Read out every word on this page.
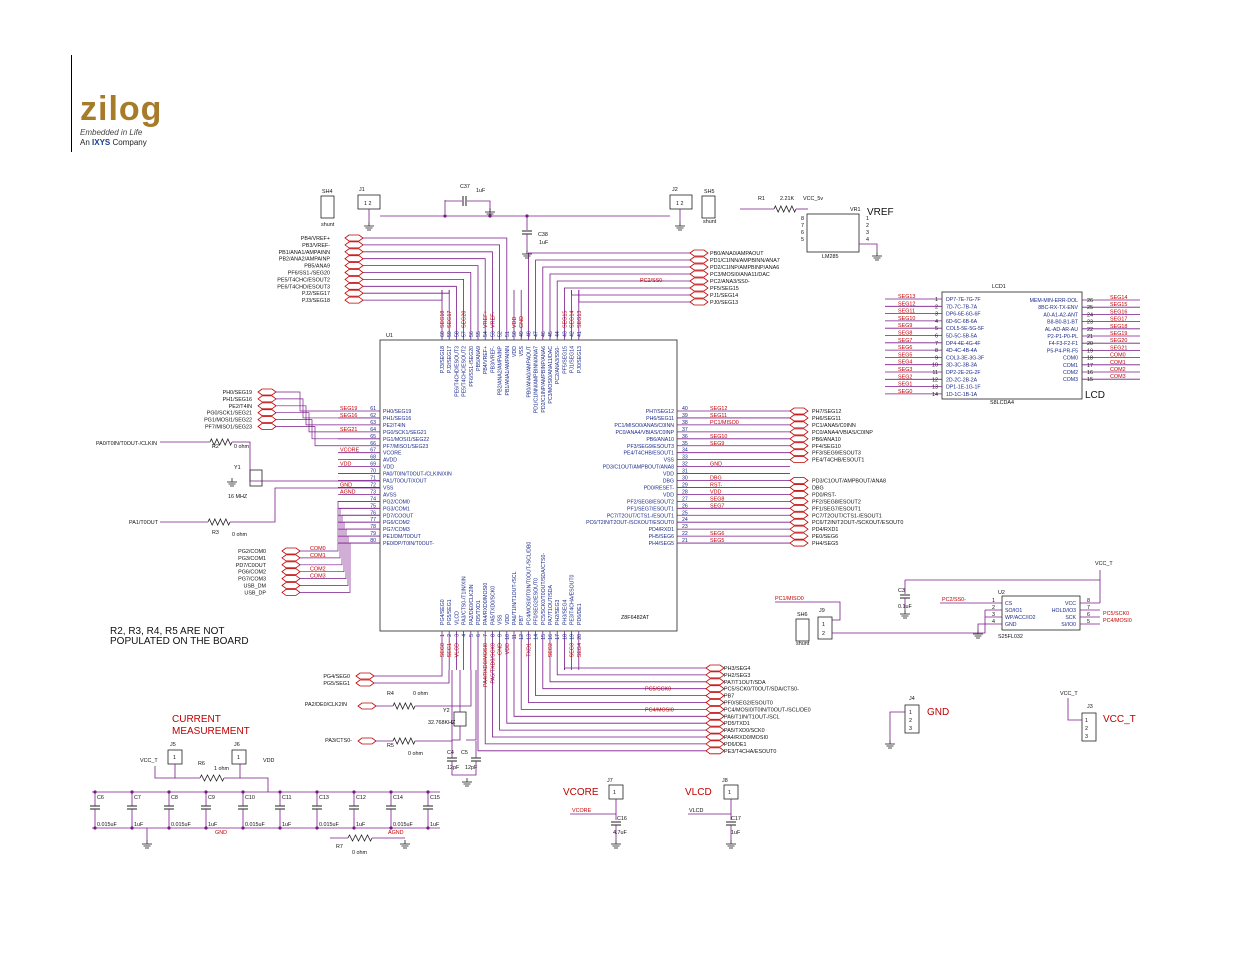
zilog
Embedded in Life
An IXYS Company
U1
Z8F6482AT
61 PH0/SEG19
SEG19
62 PH1/SEG16
SEG16
63 PE2/T4IN
64 PG0/SCK1/SEG21
SEG21
65 PG1/MOSI1/SEG22
66 PF7/MISO1/SEG23
67 VCORE
VCORE
68 AVDD
69 VDD
VDD
70 PA0/T0IN/T0OUT-/CLKIN/XIN
71 PA1/T0OUT/XOUT
72 VSS
GND
73 AVSS
AGND
74 PG2/COM0
75 PG3/COM1
76 PD7/COOUT
77 PG6/COM2
78 PG7/COM3
79 PE1/DM/T0OUT
80 PE0/DP/T0IN/T0OUT-
40
PH7/SEG12	SEG12	PH7/SEG12
39
PH6/SEG11	SEG11	PH6/SEG11
38
PC1/MISO0/ANA5/C0INN	PC1/MISO0	PC1/ANA5/C0INN
37
PC0/ANA4/VBIAS/C0INP	PC0/ANA4/VBIAS/C0INP
36
PB6/ANA10	SEG10	PB6/ANA10
35
PF3/SEG9/ESOUT3	SEG9	PF4/SEG10
34
PE4/T4CHB/ESOUT1	PF3/SEG9/ESOUT3
33
VSS	PE4/T4CHB/ESOUT1
32
PD3/C1OUT/AMPBOUT/ANA8	GND
31
VDD
30
DBG	DBG	PD3/C1OUT/AMPBOUT/ANA8
29
PD0/RESET-	RST-	DBG
28
VDD	VDD	PD0/RST-
27
PF2/SEG8/ESOUT2	SEG8	PF2/SEG8/ESOUT2
26
PF1/SEG7/ESOUT1	SEG7	PF1/SEG7/ESOUT1
25
PC7/T2OUT/CTS1-/ESOUT1	PC7/T2OUT/CTS1-/ESOUT1
24
PC6/T2IN/T2OUT-/SCKOUT/ESOUT0	PC6/T2IN/T2OUT-/SCKOUT/ESOUT0
23
PD4/RXD1	PD4/RXD1
22
PH5/SEG6	SEG6	PE0/SEG6
21
PH4/SEG5	SEG5	PH4/SEG5
60
PJ3/SEG18
SEG18
59
PJ2/SEG17
SEG17
58
PE6/T4CHD/ESOUT3
57
PE5/T4CHC/ESOUT2
SEG20
56
PF6/SS1-/SEG20
55
PB5/ANA9
54
PB4/VREF+
VREF+
53
PB3/VREF-
VREF-
52
PB2/ANA2/AMPAINP
51
PB1/ANA1/AMPAINN
50
VDD
VDD
49
VSS
GND
48
PB0/ANA0/AMPAOUT
47
PD1/C1INN/AMPBINN/ANA7
46
PD2/C1INP/AMPBINP/ANA6
45
PC3/MOSI0/ANA11/DAC
44
PC2/ANA3/SS0-
43
PF5/SEG15
SEG15
42
PJ1/SEG14
SEG14
41
PJ0/SEG13
SEG13
1
PG4/SEG0
SEG0
2
PG5/SEG1
SEG1
3
VLCD
VLCD
4
PA3/CTS0-/T1IN/XIN
5
PA2/DE0/CLK2IN
6
PD5/TXD1
7
PA4/RXD0/MOSI0
PA4/RXD0/MOSI0
8
PA5/TXD0/SCK0
PA5/TXD0/SCK0
9
VSS
GND
10
VDD
VDD
11
PA6/T1IN/T1OUT-/SCL
12
PB7
13
PC4/MOSI0/T0IN/T0OUT-/SCL/DB0
TXD1
14
PF0/SEG2/ESOUT0
15
PC5/SCK0/T0OUT/SDA/CTS0-
16
PA7/T1OUT/SDA
SEG2
17
PH2/SEG3
18
PH3/SEG4
19
PE3/T4CHA/ESOUT0
SEG3
20
PD6/DE1
SEG4
PB4/VREF+
PB3/VREF-
PB1/ANA1/AMPAINN
PB2/ANA2/AMPAINP
PB5/ANA9
PF6/SS1-/SEG20
PE5/T4CHC/ESOUT2
PE6/T4CHD/ESOUT3
PJ2/SEG17
PJ3/SEG18
PB0/ANA0/AMPAOUT
PD1/C1INN/AMPBINN/ANA7
PD2/C1INP/AMPBINP/ANA6
PC3/MOSI0/ANA11/DAC
PC2/ANA3/SS0-
PF5/SEG15
PJ1/SEG14
PJ0/SEG13
PC2/SS0-
PG2/COM0	COM0
PG3/COM1	COM1
PD7/C0OUT
PG6/COM2	COM2
PG7/COM3	COM3
USB_DM
USB_DP
PH0/SEG19
PH1/SEG16
PE2/T4IN
PG0/SCK1/SEG21
PG1/MOSI1/SEG22
PF7/MISO1/SEG23
PH3/SEG4
PH2/SEG3
PA7/T1OUT/SDA
PC5/SCK0/T0OUT/SDA/CTS0-
PC5/SCK0
PB7
PF0/SEG2/ESOUT0
PC4/MOSI0/T0IN/T0OUT-/SCL/DE0
PC4/MOSI0
PA6/T1IN/T1OUT-/SCL
PD5/TXD1
PA5/TXD0/SCK0
PA4/RXD0/MOSI0
PD6/DE1
PE3/T4CHA/ESOUT0
PA0/T0IN/T0OUT-/CLKIN	R2	0 ohm
Y1
16 MHZ
PA1/T0OUT
R3 0 ohm
PG4/SEG0
PG5/SEG1
PA2/DE0/CLK2IN
R4	0 ohm
PA3/CTS0-
R5
0 ohm
Y2
32.768KHZ
C4 C5
12pF 12pF
SH4
shunt
J1
1 2
C37
1uF
C38
1uF
J2
1 2
SH5
shunt
R1	2.21K VCC_5v
VR1
LM285
VREF
8
7
6
5
1
2
3
4
LCD1
LCD
S8LCDA4
SEG13	1 DP7-7E-7G-7F
SEG12	2 7D-7C-7B-7A
SEG11	3 DP6-6E-6G-6F
SEG10	4 6D-6C-6B-6A
SEG9	5 COL5-5E-5G-5F
SEG8	6 5D-5C-5B-5A
SEG7	7 DP4-4E-4G-4F
SEG6	8 4D-4C-4B-4A
SEG5	9 COL3-3E-3G-3F
SEG4	10 3D-3C-3B-3A
SEG3	11 DP2-2E-2G-2F
SEG2	12 2D-2C-2B-2A
SEG1	13 DP1-1E-1G-1F
SEG0	14 1D-1C-1B-1A
26
MEM-MIN-ERR-DOL	SEG14
25
8BC-RX-TX-ENV	SEG15
24
A0-A1-A2-ANT	SEG16
23
B8-B0-B1-BT	SEG17
22
AL-AD-AR-AU	SEG18
21
P2-P1-P0-PL	SEG19
20
F4-F3-F2-F1	SEG20
19
P5-P4-PR-F5	SEG21
18
COM0	COM0
17
COM1	COM1
16
COM2	COM2
15
COM3	COM3
U2
S25FL032
1 CS
2 SO/IO1
3 WP/ACC/IO2
4 GND
8
VCC
7
HOLD/IO3
6
SCK
5
SI/IO0
PC2/SS0-
PC5/SCK0
PC4/MOSI0
VCC_T
C3
0.1uF
PC1/MISO0
SH6
shunt
J9
1
2
J4
1
2
3
GND	J3
1
2
3
VCC_T
VCC_T
R2, R3, R4, R5 ARE NOT
POPULATED ON THE BOARD
CURRENT
MEASUREMENT
J5
1
J6
1
VCC_T	R6
1 ohm
VDD
C6
0.015uF
C7
1uF
C8
0.015uF
C9
1uF
C10
0.015uF
C11
1uF
C13
0.015uF
C12
1uF
C14
0.015uF
C15
1uF
GND	AGND
R7
0 ohm
VCORE
J7
1
VCORE
C16
4.7uF
VLCD
J8
1
VLCD
C17
1uF
